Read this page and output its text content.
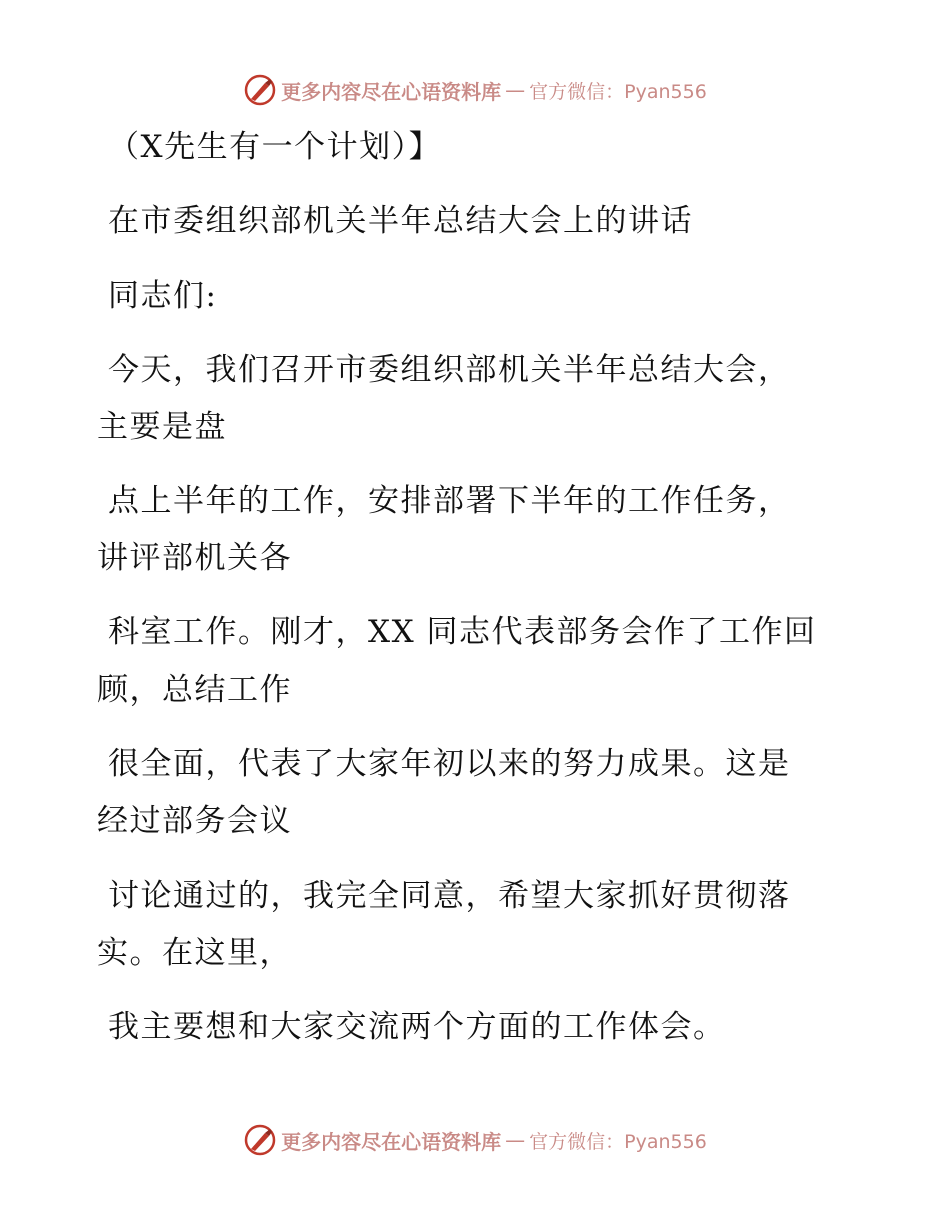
更多内容尽在心语资料库 — 官方微信：Pyan556
（X先生有一个计划）】
在市委组织部机关半年总结大会上的讲话
同志们:
今天，我们召开市委组织部机关半年总结大会，
主要是盘
点上半年的工作，安排部署下半年的工作任务，
讲评部机关各
科室工作。刚才，XX 同志代表部务会作了工作回
顾，总结工作
很全面，代表了大家年初以来的努力成果。这是
经过部务会议
讨论通过的，我完全同意，希望大家抓好贯彻落
实。在这里，
我主要想和大家交流两个方面的工作体会。
更多内容尽在心语资料库 — 官方微信：Pyan556
